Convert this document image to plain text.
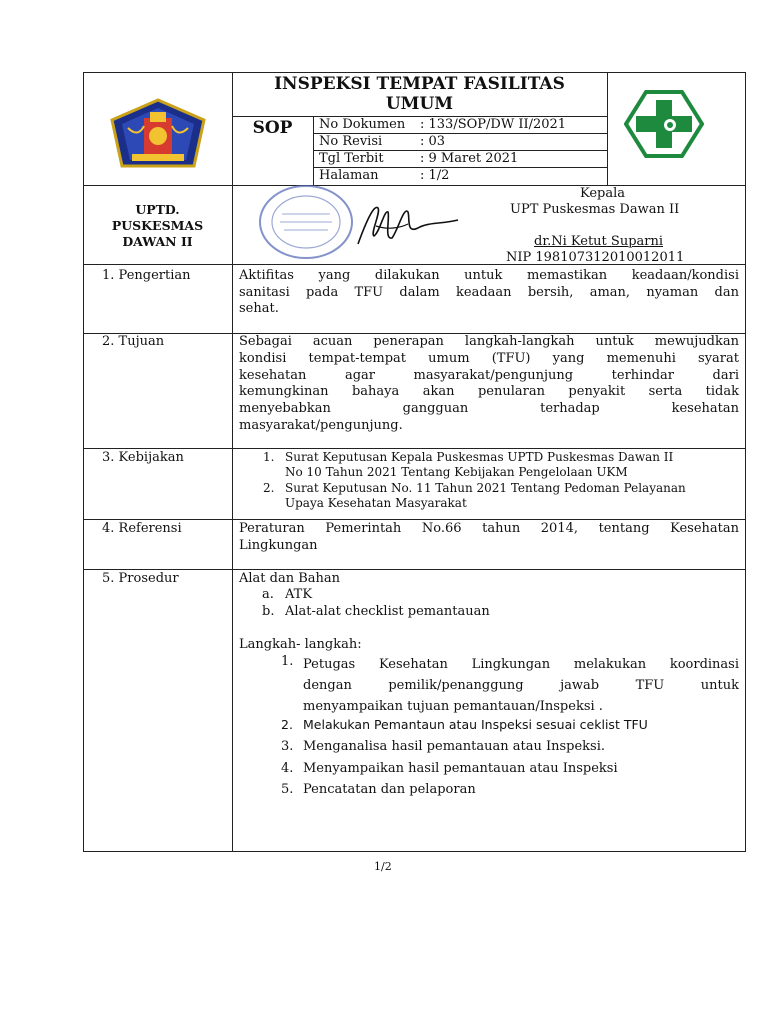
INSPEKSI TEMPAT FASILITAS
UMUM
SOP	No Dokumen : 133/SOP/DW II/2021
No Revisi	: 03
Tgl Terbit	: 9 Maret 2021
Halaman	: 1/2
UPTD.
PUSKESMAS
DAWAN II
Kepala
UPT Puskesmas Dawan II
dr.Ni Ketut Suparni
NIP 198107312010012011
1. Pengertian	Aktifitas yang dilakukan untuk memastikan keadaan/kondisi
sanitasi pada TFU dalam keadaan bersih, aman, nyaman dan
sehat.
2. Tujuan	Sebagai acuan penerapan langkah-langkah untuk mewujudkan
kondisi tempat-tempat umum (TFU) yang memenuhi syarat
kesehatan agar masyarakat/pengunjung terhindar dari
kemungkinan bahaya akan penularan penyakit serta tidak
menyebabkan gangguan terhadap kesehatan
masyarakat/pengunjung.
3. Kebijakan	1. Surat Keputusan Kepala Puskesmas UPTD Puskesmas Dawan II
No 10 Tahun 2021 Tentang Kebijakan Pengelolaan UKM
2. Surat Keputusan No. 11 Tahun 2021 Tentang Pedoman Pelayanan
Upaya Kesehatan Masyarakat
4. Referensi	Peraturan Pemerintah No.66 tahun 2014, tentang Kesehatan
Lingkungan
5. Prosedur	Alat dan Bahan
a. ATK
b. Alat-alat checklist pemantauan
Langkah- langkah:
1. Petugas Kesehatan Lingkungan melakukan koordinasi
dengan pemilik/penanggung jawab TFU untuk
menyampaikan tujuan pemantauan/Inspeksi .
2. Melakukan Pemantaun atau Inspeksi sesuai ceklist TFU
3. Menganalisa hasil pemantauan atau Inspeksi.
4. Menyampaikan hasil pemantauan atau Inspeksi
5. Pencatatan dan pelaporan
1/2
